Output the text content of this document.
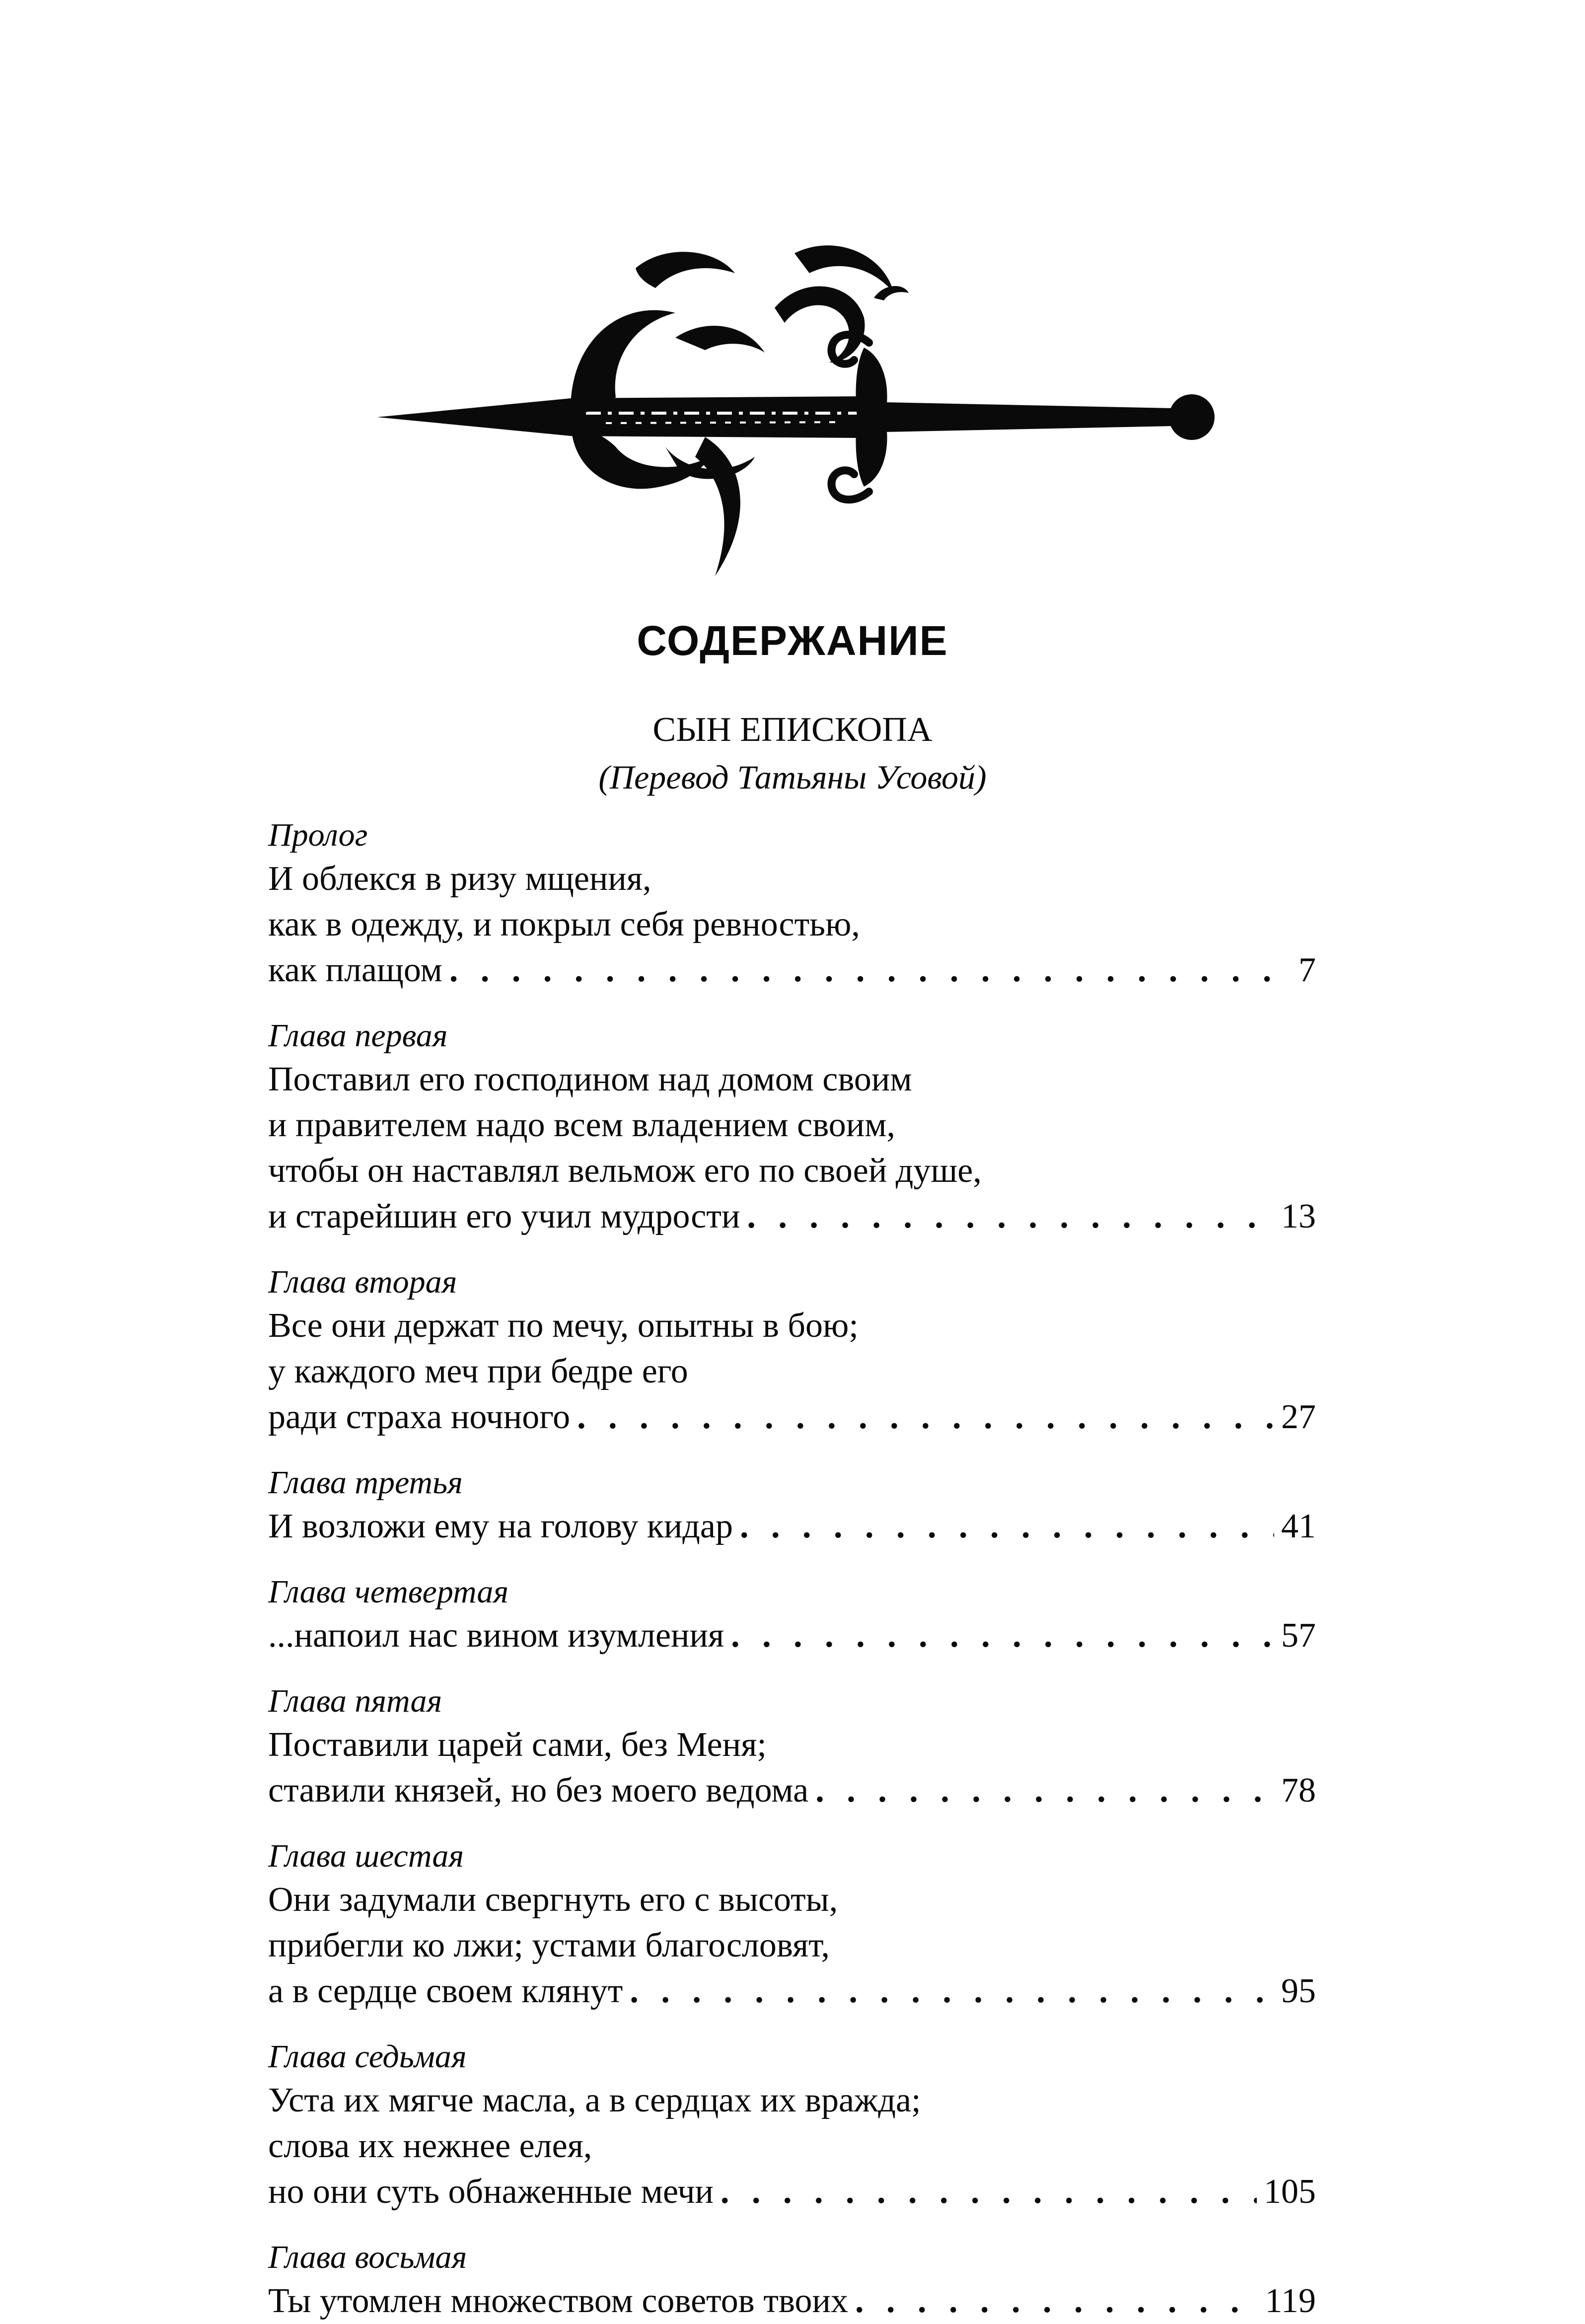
СОДЕРЖАНИЕ
СЫН ЕПИСКОПА
(Перевод Татьяны Усовой)
Пролог
И облекся в ризу мщения,
как в одежду, и покрыл себя ревностью,
как плащом . . .	7
Глава первая
Поставил его господином над домом своим
и правителем надо всем владением своим,
чтобы он наставлял вельмож его по своей душе,
и старейшин его учил мудрости . . .	13
Глава вторая
Все они держат по мечу, опытны в бою;
у каждого меч при бедре его
ради страха ночного . . .	27
Глава третья
И возложи ему на голову кидар . . .	41
Глава четвертая
...напоил нас вином изумления . . .	57
Глава пятая
Поставили царей сами, без Меня;
ставили князей, но без моего ведома . . .	78
Глава шестая
Они задумали свергнуть его с высоты,
прибегли ко лжи; устами благословят,
а в сердце своем клянут . . .	95
Глава седьмая
Уста их мягче масла, а в сердцах их вражда;
слова их нежнее елея,
но они суть обнаженные мечи . . .	105
Глава восьмая
Ты утомлен множеством советов твоих . . .	119
